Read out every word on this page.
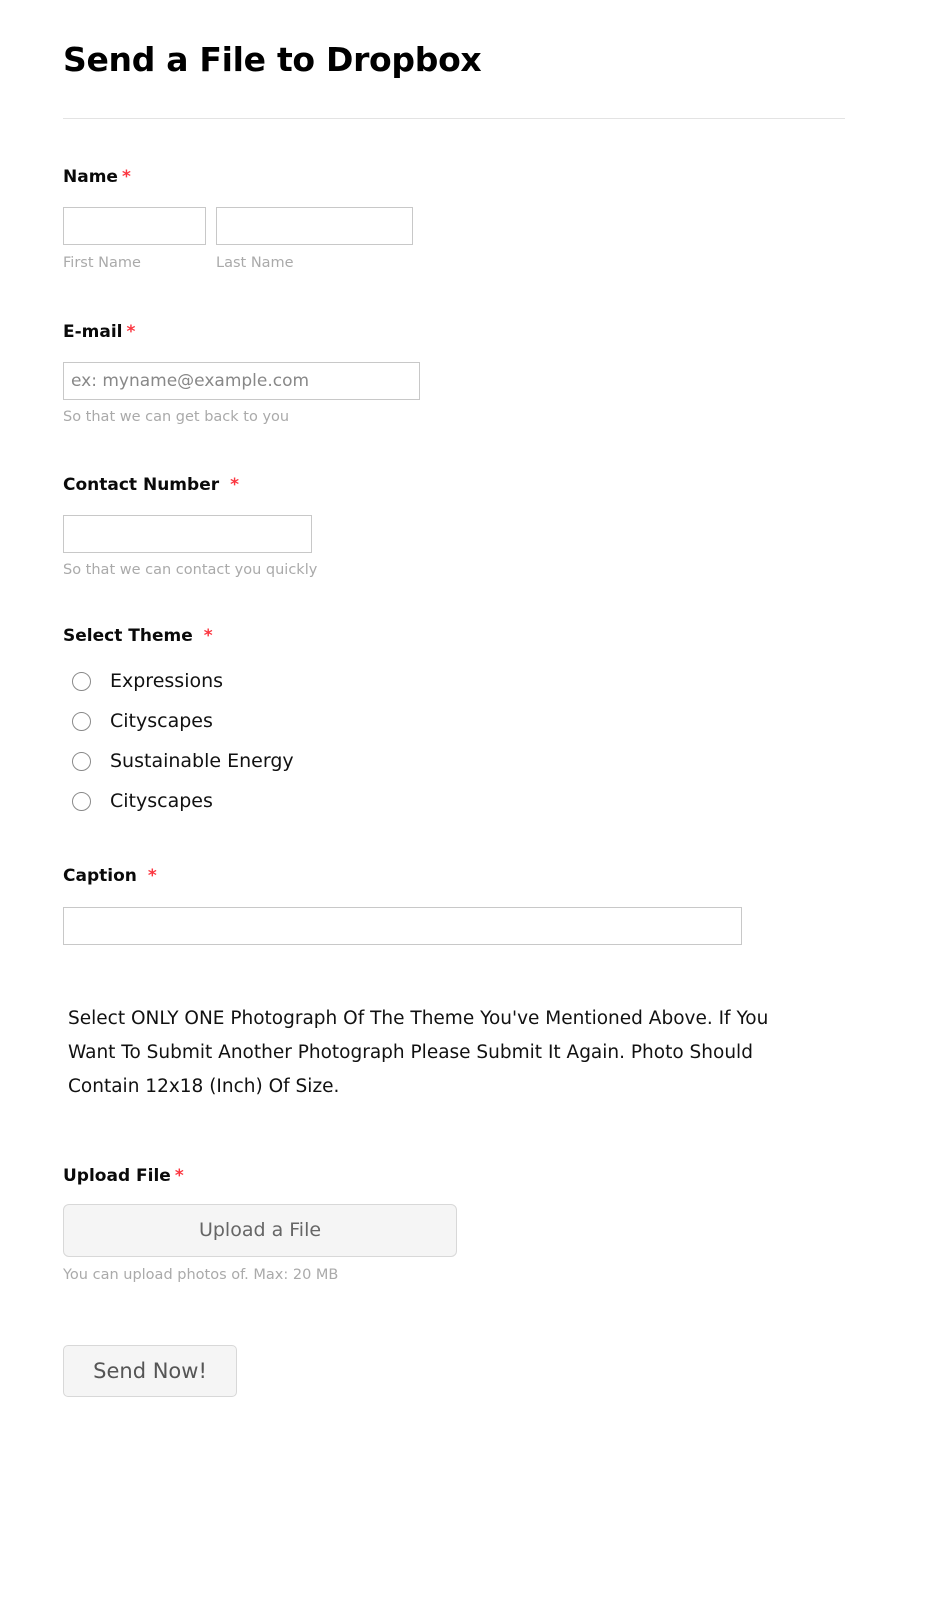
Send a File to Dropbox
Name *
First Name	Last Name
E-mail *
ex: myname@example.com
So that we can get back to you
Contact Number *
So that we can contact you quickly
Select Theme *
Expressions
Cityscapes
Sustainable Energy
Cityscapes
Caption *
Select ONLY ONE Photograph Of The Theme You've Mentioned Above. If You Want To Submit Another Photograph Please Submit It Again. Photo Should Contain 12x18 (Inch) Of Size.
Upload File *
Upload a File
You can upload photos of. Max: 20 MB
Send Now!
